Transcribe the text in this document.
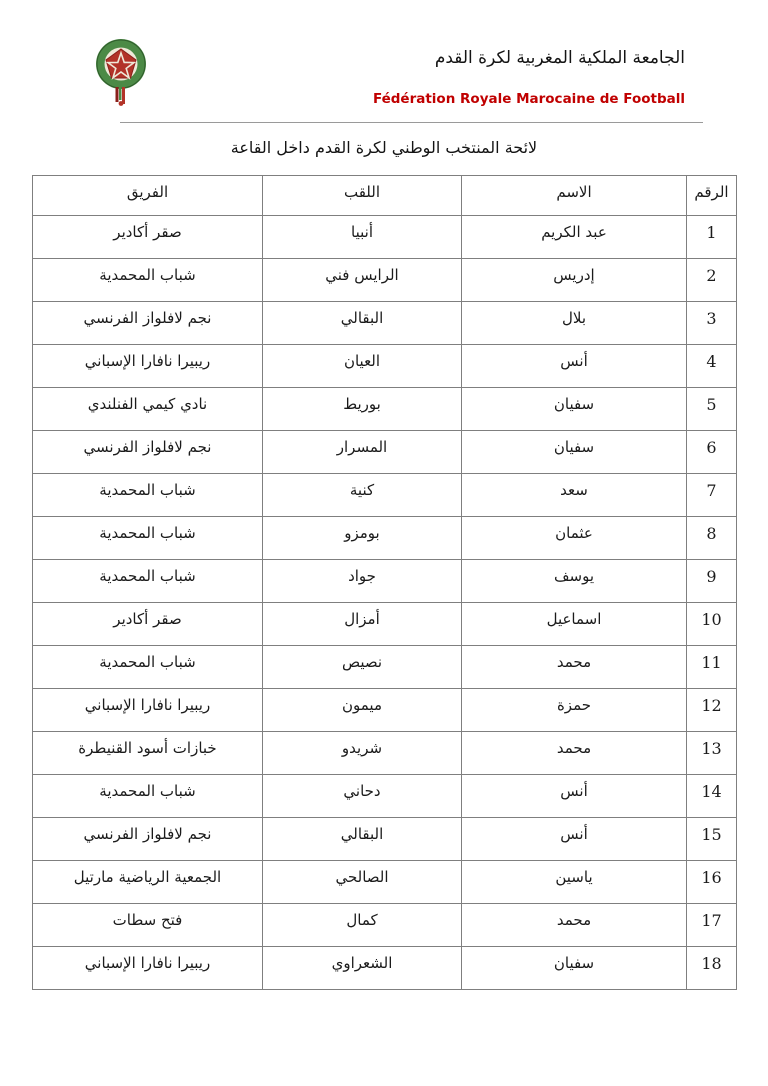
الجامعة الملكية المغربية لكرة القدم
Fédération Royale Marocaine de Football
لائحة المنتخب الوطني لكرة القدم داخل القاعة
الرقم	الاسم	اللقب	الفريق
1	عبد الكريم	أنبيا	صقر أكادير
2	إدريس	الرايس فني	شباب المحمدية
3	بلال	البقالي	نجم لافلواز الفرنسي
4	أنس	العيان	ريبيرا نافارا الإسباني
5	سفيان	بوريط	نادي كيمي الفنلندي
6	سفيان	المسرار	نجم لافلواز الفرنسي
7	سعد	كنية	شباب المحمدية
8	عثمان	بومزو	شباب المحمدية
9	يوسف	جواد	شباب المحمدية
10	اسماعيل	أمزال	صقر أكادير
11	محمد	نصيص	شباب المحمدية
12	حمزة	ميمون	ريبيرا نافارا الإسباني
13	محمد	شريدو	خبازات أسود القنيطرة
14	أنس	دحاني	شباب المحمدية
15	أنس	البقالي	نجم لافلواز الفرنسي
16	ياسين	الصالحي	الجمعية الرياضية مارتيل
17	محمد	كمال	فتح سطات
18	سفيان	الشعراوي	ريبيرا نافارا الإسباني
